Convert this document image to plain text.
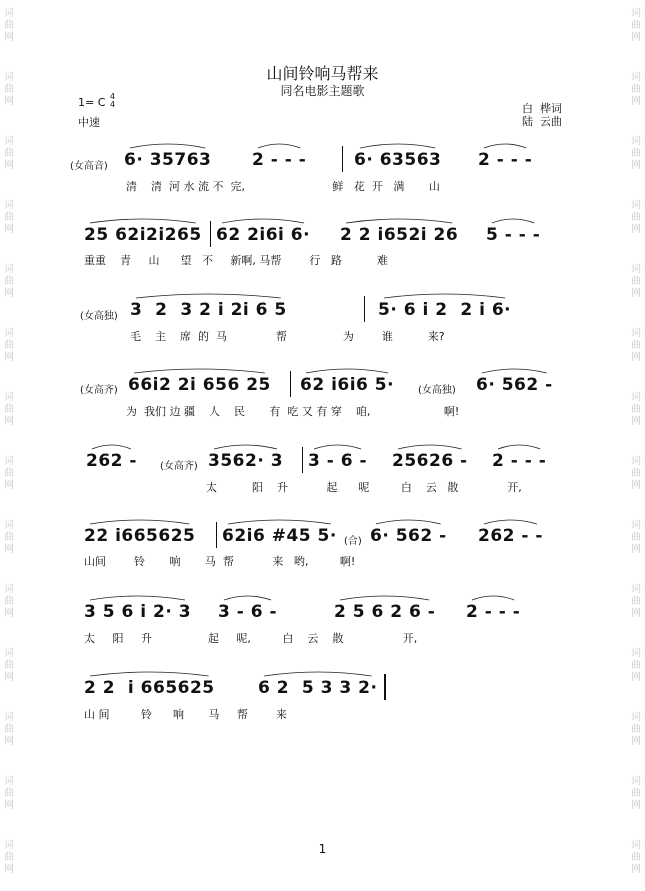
词
曲
网
词
曲
网
词
曲
网
词
曲
网
词
曲
网
词
曲
网
词
曲
网
词
曲
网
词
曲
网
词
曲
网
词
曲
网
词
曲
网
词
曲
网
词
曲
网
词
曲
网
词
曲
网
词
曲
网
词
曲
网
词
曲
网
词
曲
网
词
曲
网
词
曲
网
词
曲
网
词
曲
网
词
曲
网
词
曲
网
词
曲
网
词
曲
网
山间铃响马帮来
同名电影主题歌
1= C 4
4
中速
白  桦词
陆  云曲
(女高音) 6· 35763 2 - - -	6· 63563 2 - - -
清    清  河 水 流 不  完,                         鲜   花  开   满       山
25 62i2i265 62 2i6i 6· 2 2 i652i 26 5 - - -
重重    青     山      望   不     新啊, 马帮        行   路          难
(女高独) 3  2  3 2 i 2i 6 5	5· 6 i 2  2 i 6·
毛    主    席  的  马              帮                为        谁          来?
(女高齐) 66i2 2i 656 25 62 i6i6 5· (女高独) 6· 562 -
为  我们 边 疆    人    民       有  吃 又 有 穿    咱,                     啊!
262 - (女高齐) 3562· 3 3 - 6 - 25626 - 2 - - -
太          阳    升           起      呢         白    云   散              开,
22 i665625 62i6 #45 5· (合) 6· 562 - 262 - -
山间        铃       响       马  帮           来   哟,         啊!
3 5 6 i 2· 3 3 - 6 -	2 5 6 2 6 - 2 - - -
太     阳     升                起     呢,         白    云    散                 开,
2 2  i 665625	6 2  5 3 3 2·
山 间         铃      响       马     帮        来
1
